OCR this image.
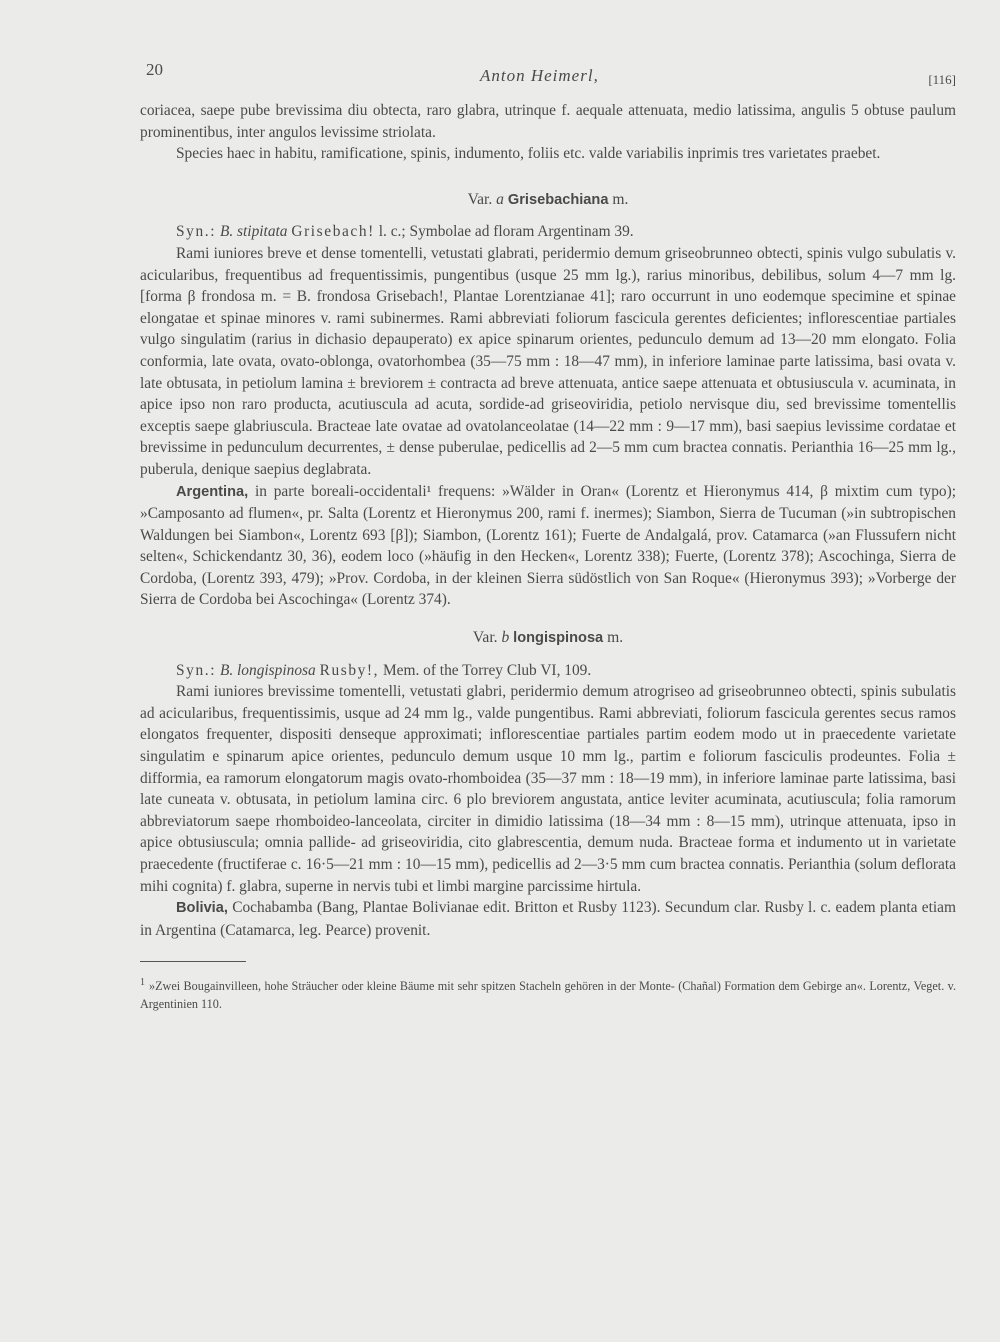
20	Anton Heimerl,	[116]

coriacea, saepe pube brevissima diu obtecta, raro glabra, utrinque f. aequale attenuata, medio latissima, angulis 5 obtuse paulum prominentibus, inter angulos levissime striolata.

Species haec in habitu, ramificatione, spinis, indumento, foliis etc. valde variabilis inprimis tres varietates praebet.

Var. a Grisebachiana m.

Syn.: B. stipitata Grisebach! l. c.; Symbolae ad floram Argentinam 39.

Rami iuniores breve et dense tomentelli, vetustati glabrati, peridermio demum griseobrunneo obtecti, spinis vulgo subulatis v. acicularibus, frequentibus ad frequentissimis, pungentibus (usque 25 mm lg.), rarius minoribus, debilibus, solum 4—7 mm lg. [forma β frondosa m. = B. frondosa Grisebach!, Plantae Lorentzianae 41]; raro occurrunt in uno eodemque specimine et spinae elongatae et spinae minores v. rami subinermes. Rami abbreviati foliorum fascicula gerentes deficientes; inflorescentiae partiales vulgo singulatim (rarius in dichasio depauperato) ex apice spinarum orientes, pedunculo demum ad 13—20 mm elongato. Folia conformia, late ovata, ovato-oblonga, ovatorhombea (35—75 mm : 18—47 mm), in inferiore laminae parte latissima, basi ovata v. late obtusata, in petiolum lamina ± breviorem ± contracta ad breve attenuata, antice saepe attenuata et obtusiuscula v. acuminata, in apice ipso non raro producta, acutiuscula ad acuta, sordide-ad griseoviridia, petiolo nervisque diu, sed brevissime tomentellis exceptis saepe glabriuscula. Bracteae late ovatae ad ovatolanceolatae (14—22 mm : 9—17 mm), basi saepius levissime cordatae et brevissime in pedunculum decurrentes, ± dense puberulae, pedicellis ad 2—5 mm cum bractea connatis. Perianthia 16—25 mm lg., puberula, denique saepius deglabrata.

Argentina, in parte boreali-occidentali¹ frequens: »Wälder in Oran« (Lorentz et Hieronymus 414, β mixtim cum typo); »Camposanto ad flumen«, pr. Salta (Lorentz et Hieronymus 200, rami f. inermes); Siambon, Sierra de Tucuman (»in subtropischen Waldungen bei Siambon«, Lorentz 693 [β]); Siambon, (Lorentz 161); Fuerte de Andalgalá, prov. Catamarca (»an Flussufern nicht selten«, Schickendantz 30, 36), eodem loco (»häufig in den Hecken«, Lorentz 338); Fuerte, (Lorentz 378); Ascochinga, Sierra de Cordoba, (Lorentz 393, 479); »Prov. Cordoba, in der kleinen Sierra südöstlich von San Roque« (Hieronymus 393); »Vorberge der Sierra de Cordoba bei Ascochinga« (Lorentz 374).

Var. b longispinosa m.

Syn.: B. longispinosa Rusby!, Mem. of the Torrey Club VI, 109.

Rami iuniores brevissime tomentelli, vetustati glabri, peridermio demum atrogriseo ad griseobrunneo obtecti, spinis subulatis ad acicularibus, frequentissimis, usque ad 24 mm lg., valde pungentibus. Rami abbreviati, foliorum fascicula gerentes secus ramos elongatos frequenter, dispositi denseque approximati; inflorescentiae partiales partim eodem modo ut in praecedente varietate singulatim e spinarum apice orientes, pedunculo demum usque 10 mm lg., partim e foliorum fasciculis prodeuntes. Folia ± difformia, ea ramorum elongatorum magis ovato-rhomboidea (35—37 mm : 18—19 mm), in inferiore laminae parte latissima, basi late cuneata v. obtusata, in petiolum lamina circ. 6 plo breviorem angustata, antice leviter acuminata, acutiuscula; folia ramorum abbreviatorum saepe rhomboideo-lanceolata, circiter in dimidio latissima (18—34 mm : 8—15 mm), utrinque attenuata, ipso in apice obtusiuscula; omnia pallide- ad griseoviridia, cito glabrescentia, demum nuda. Bracteae forma et indumento ut in varietate praecedente (fructiferae c. 16·5—21 mm : 10—15 mm), pedicellis ad 2—3·5 mm cum bractea connatis. Perianthia (solum deflorata mihi cognita) f. glabra, superne in nervis tubi et limbi margine parcissime hirtula.

Bolivia, Cochabamba (Bang, Plantae Bolivianae edit. Britton et Rusby 1123). Secundum clar. Rusby l. c. eadem planta etiam in Argentina (Catamarca, leg. Pearce) provenit.

$^1$ »Zwei Bougainvilleen, hohe Sträucher oder kleine Bäume mit sehr spitzen Stacheln gehören in der Monte- (Chañal) Formation dem Gebirge an«. Lorentz, Veget. v. Argentinien 110.
